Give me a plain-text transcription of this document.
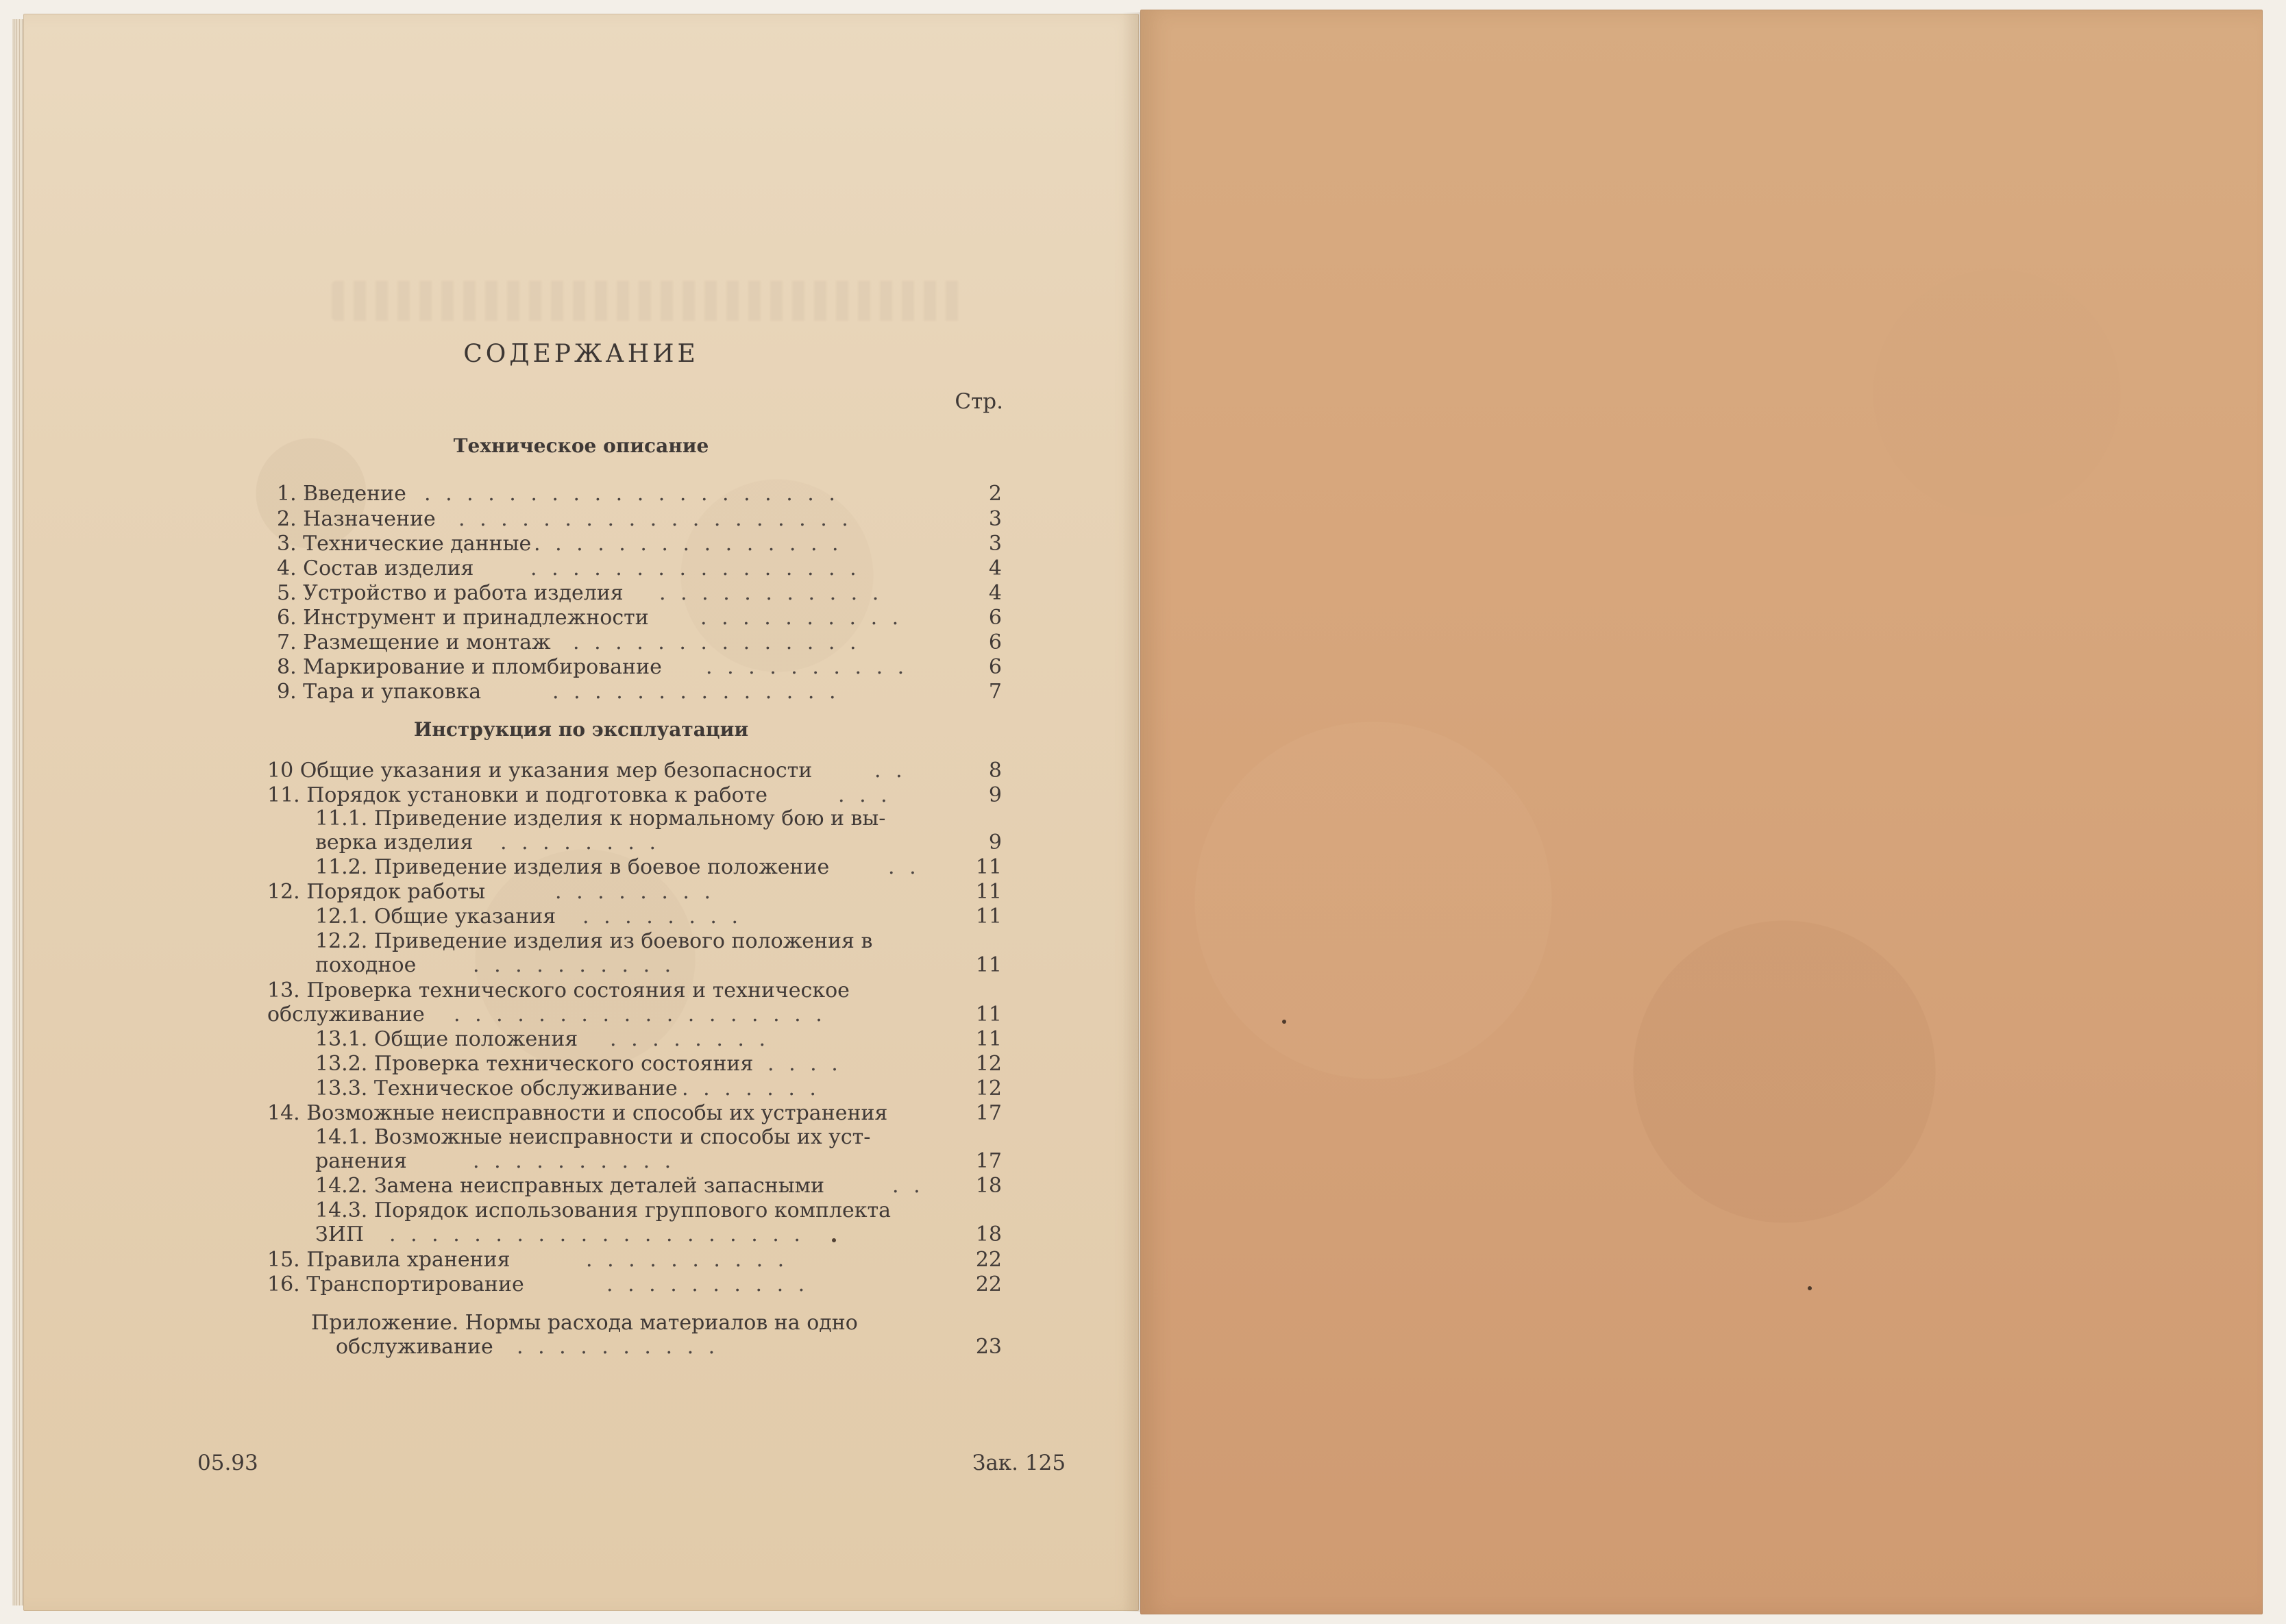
СОДЕРЖАНИЕ
Стр.
Техническое описание
Инструкция по эксплуатации
1. Введение . . . . . . . . . . . . . . . . . . . .	2
2. Назначение . . . . . . . . . . . . . . . . . . .	3
3. Технические данные . . . . . . . . . . . . . . .	3
4. Состав изделия	. . . . . . . . . . . . . . . .	4
5. Устройство и работа изделия . . . . . . . . . . .	4
6. Инструмент и принадлежности	. . . . . . . . . .	6
7. Размещение и монтаж . . . . . . . . . . . . . .	6
8. Маркирование и пломбирование . . . . . . . . . .	6
9. Тара и упаковка	. . . . . . . . . . . . . .	7
10 Общие указания и указания мер безопасности	. .	8
11. Порядок установки и подготовка к работе	. . .	9
11.1. Приведение изделия к нормальному бою и вы-
верка изделия . . . . . . . .	9
11.2. Приведение изделия в боевое положение	. .	11
12. Порядок работы	. . . . . . . .	11
12.1. Общие указания . . . . . . . .	11
12.2. Приведение изделия из боевого положения в
походное	. . . . . . . . . .	11
13. Проверка технического состояния и техническое
обслуживание . . . . . . . . . . . . . . . . . .	11
13.1. Общие положения . . . . . . . .	11
13.2. Проверка технического состояния . . . .	12
13.3. Техническое обслуживание . . . . . . .	12
14. Возможные неисправности и способы их устранения	17
14.1. Возможные неисправности и способы их уст-
ранения	. . . . . . . . . .	17
14.2. Замена неисправных деталей запасными	. .	18
14.3. Порядок использования группового комплекта
ЗИП . . . . . . . . . . . . . . . . . . . .	18
15. Правила хранения	. . . . . . . . . .	22
16. Транспортирование	. . . . . . . . . .	22
Приложение. Нормы расхода материалов на одно
обслуживание . . . . . . . . . .	23
05.93	Зак. 125
